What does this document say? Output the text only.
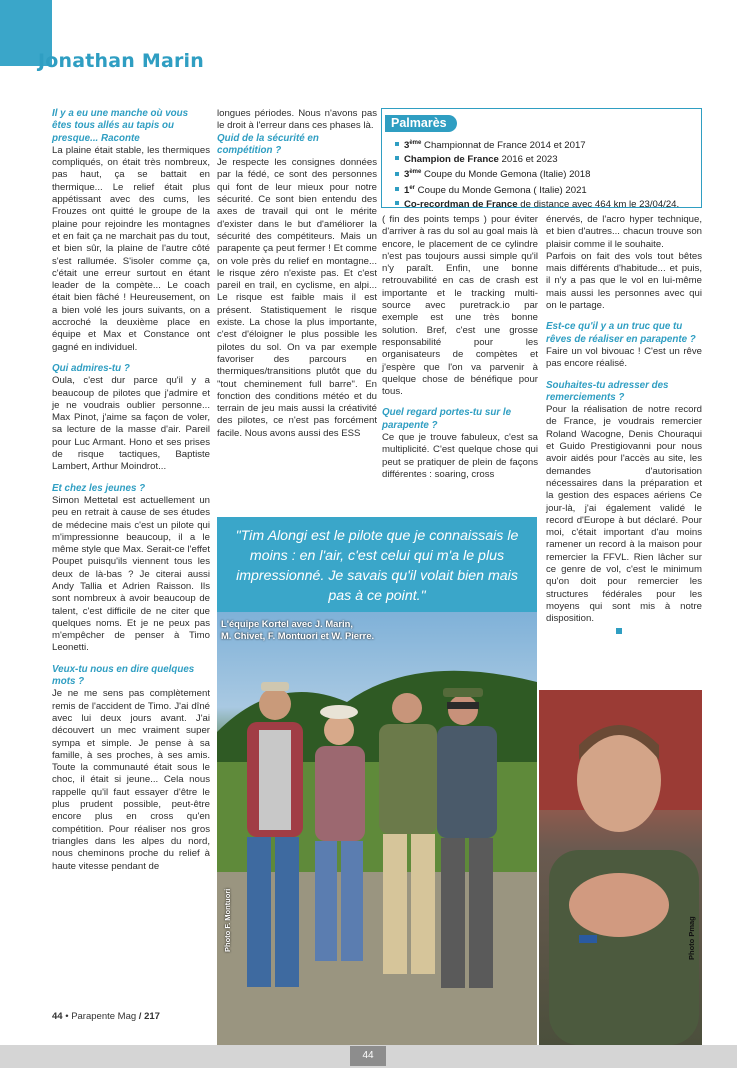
Jonathan Marin
Il y a eu une manche où vous êtes tous allés au tapis ou presque... Raconte

La plaine était stable, les thermiques compliqués, on était très nombreux, pas haut, ça se battait en thermique... Le relief était plus appétissant avec des cums, les Frouzes ont quitté le groupe de la plaine pour rejoindre les montagnes et en fait ça ne marchait pas du tout, et bien sûr, la plaine de l'autre côté s'est rallumée. S'isoler comme ça, c'était une erreur surtout en étant leader de la compète... Le coach était bien fâché ! Heureusement, on a bien volé les jours suivants, on a accroché la deuxième place en équipe et Max et Constance ont gagné en individuel.

Qui admires-tu ?

Oula, c'est dur parce qu'il y a beaucoup de pilotes que j'admire et je ne voudrais oublier personne... Max Pinot, j'aime sa façon de voler, sa lecture de la masse d'air. Pareil pour Luc Armant. Hono et ses prises de risque tactiques, Baptiste Lambert, Arthur Moindrot...

Et chez les jeunes ?

Simon Mettetal est actuellement un peu en retrait à cause de ses études de médecine mais c'est un pilote qui m'impressionne beaucoup, il a le même style que Max. Serait-ce l'effet Poupet puisqu'ils viennent tous les deux de là-bas ? Je citerai aussi Andy Tallia et Adrien Raisson. Ils sont nombreux à avoir beaucoup de talent, c'est difficile de ne citer que quelques noms. Et je ne peux pas m'empêcher de penser à Timo Leonetti.

Veux-tu nous en dire quelques mots ?

Je ne me sens pas complètement remis de l'accident de Timo. J'ai dîné avec lui deux jours avant. J'ai découvert un mec vraiment super sympa et simple. Je pense à sa famille, à ses proches, à ses amis. Toute la communauté était sous le choc, il était si jeune... Cela nous rappelle qu'il faut essayer d'être le plus prudent possible, peut-être encore plus en cross qu'en compétition. Pour réaliser nos gros triangles dans les alpes du nord, nous cheminons proche du relief à haute vitesse pendant de

longues périodes. Nous n'avons pas le droit à l'erreur dans ces phases là.

Quid de la sécurité en compétition ?

Je respecte les consignes données par la fédé, ce sont des personnes qui font de leur mieux pour notre sécurité. Ce sont bien entendu des axes de travail qui ont le mérite d'exister dans le but d'améliorer la sécurité des compétiteurs. Mais un parapente ça peut fermer ! Et comme on vole près du relief en montagne... le risque zéro n'existe pas. Et c'est pareil en trail, en cyclisme, en alpi... Le risque est faible mais il est présent. Statistiquement le risque existe. La chose la plus importante, c'est d'éloigner le plus possible les pilotes du sol. On va par exemple favoriser des parcours en thermiques/transitions plutôt que du "tout cheminement full barre". En fonction des conditions météo et du terrain de jeu mais aussi la créativité des pilotes, ce n'est pas forcément facile. Nous avons aussi des ESS

Palmarès
3ème Championnat de France 2014 et 2017
Champion de France 2016 et 2023
3ème Coupe du Monde Gemona (Italie) 2018
1er Coupe du Monde Gemona ( Italie) 2021
Co-recordman de France de distance avec 464 km le 23/04/24.

( fin des points temps ) pour éviter d'arriver à ras du sol au goal mais là encore, le placement de ce cylindre n'est pas toujours aussi simple qu'il n'y paraît. Enfin, une bonne retrouvabilité en cas de crash est importante et le tracking multi-source avec puretrack.io par exemple est une très bonne solution. Bref, c'est une grosse responsabilité pour les organisateurs de compètes et j'espère que l'on va parvenir à quelque chose de bénéfique pour tous.

Quel regard portes-tu sur le parapente ?

Ce que je trouve fabuleux, c'est sa multiplicité. C'est quelque chose qui peut se pratiquer de plein de façons différentes : soaring, cross

énervés, de l'acro hyper technique, et bien d'autres... chacun trouve son plaisir comme il le souhaite.

Parfois on fait des vols tout bêtes mais différents d'habitude... et puis, il n'y a pas que le vol en lui-même mais aussi les personnes avec qui on le partage.

Est-ce qu'il y a un truc que tu rêves de réaliser en parapente ?

Faire un vol bivouac ! C'est un rêve pas encore réalisé.

Souhaites-tu adresser des remerciements ?

Pour la réalisation de notre record de France, je voudrais remercier Roland Wacogne, Denis Chouraqui et Guido Prestigiovanni pour nous avoir aidés pour l'accès au site, les demandes d'autorisation nécessaires dans la préparation et la gestion des espaces aériens Ce jour-là, j'ai également validé le record d'Europe à but déclaré. Pour moi, c'était important d'au moins ramener un record à la maison pour remercier la FFVL. Rien lâcher sur ce genre de vol, c'est le minimum qu'on doit pour remercier les structures fédérales pour les moyens qui sont mis à notre disposition.

"Tim Alongi est le pilote que je connaissais le moins : en l'air, c'est celui qui m'a le plus impressionné. Je savais qu'il volait bien mais pas à ce point."
L'équipe Kortel avec J. Marin,
M. Chivet, F. Montuori et W. Pierre.
Photo F. Montuori	Photo Pmag
44 • Parapente Mag / 217
44
